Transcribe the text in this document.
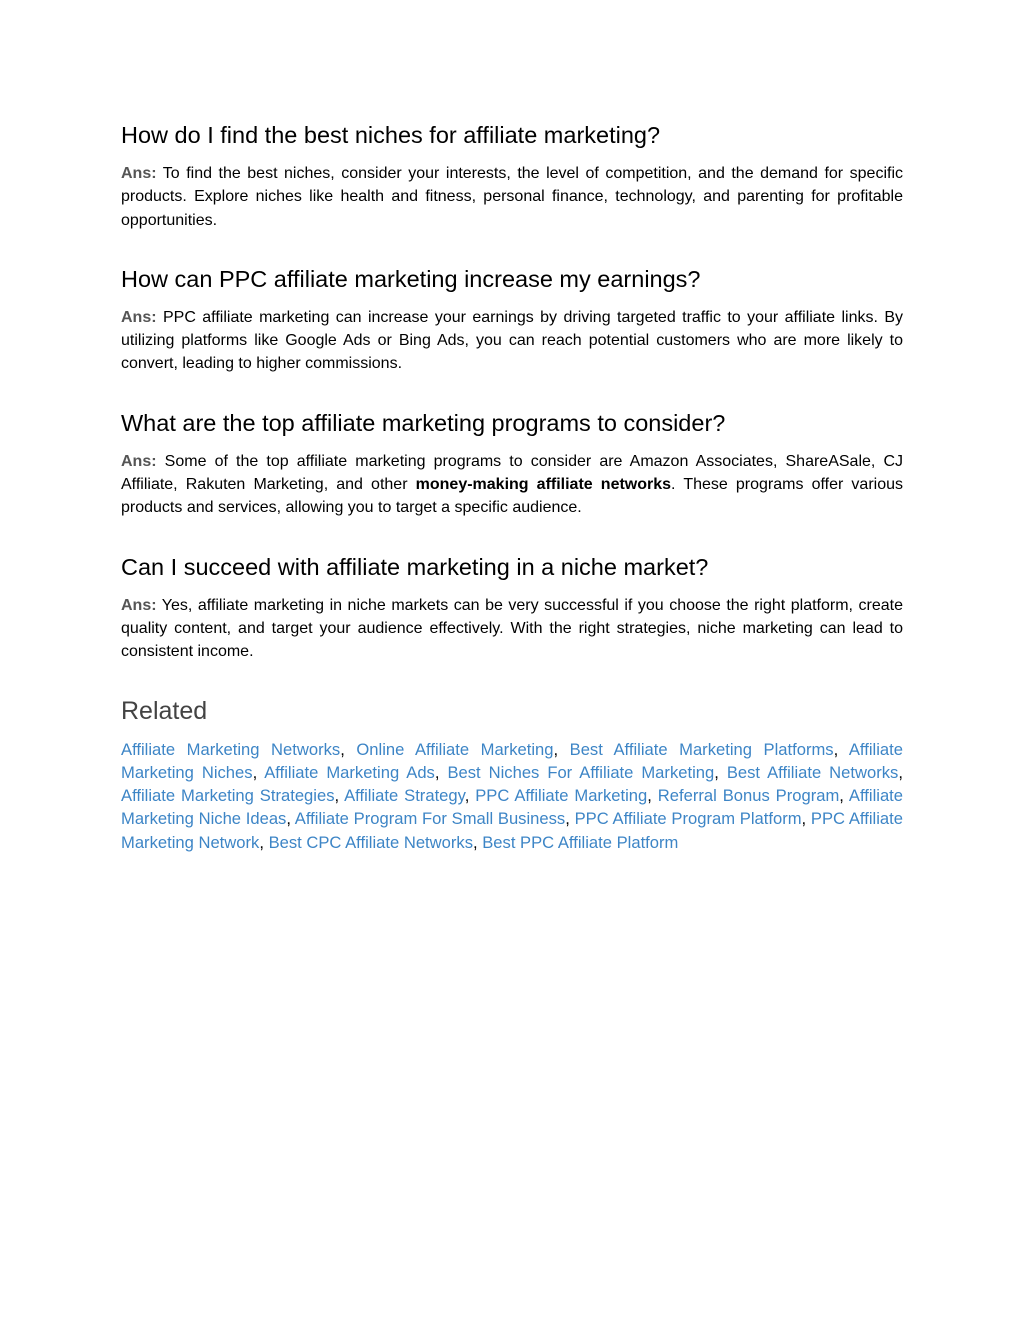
How do I find the best niches for affiliate marketing?

Ans: To find the best niches, consider your interests, the level of competition, and the demand for specific products. Explore niches like health and fitness, personal finance, technology, and parenting for profitable opportunities.

How can PPC affiliate marketing increase my earnings?

Ans: PPC affiliate marketing can increase your earnings by driving targeted traffic to your affiliate links. By utilizing platforms like Google Ads or Bing Ads, you can reach potential customers who are more likely to convert, leading to higher commissions.

What are the top affiliate marketing programs to consider?

Ans: Some of the top affiliate marketing programs to consider are Amazon Associates, ShareASale, CJ Affiliate, Rakuten Marketing, and other money-making affiliate networks. These programs offer various products and services, allowing you to target a specific audience.

Can I succeed with affiliate marketing in a niche market?

Ans: Yes, affiliate marketing in niche markets can be very successful if you choose the right platform, create quality content, and target your audience effectively. With the right strategies, niche marketing can lead to consistent income.

Related

Affiliate Marketing Networks, Online Affiliate Marketing, Best Affiliate Marketing Platforms, Affiliate Marketing Niches, Affiliate Marketing Ads, Best Niches For Affiliate Marketing, Best Affiliate Networks, Affiliate Marketing Strategies, Affiliate Strategy, PPC Affiliate Marketing, Referral Bonus Program, Affiliate Marketing Niche Ideas, Affiliate Program For Small Business, PPC Affiliate Program Platform, PPC Affiliate Marketing Network, Best CPC Affiliate Networks, Best PPC Affiliate Platform
